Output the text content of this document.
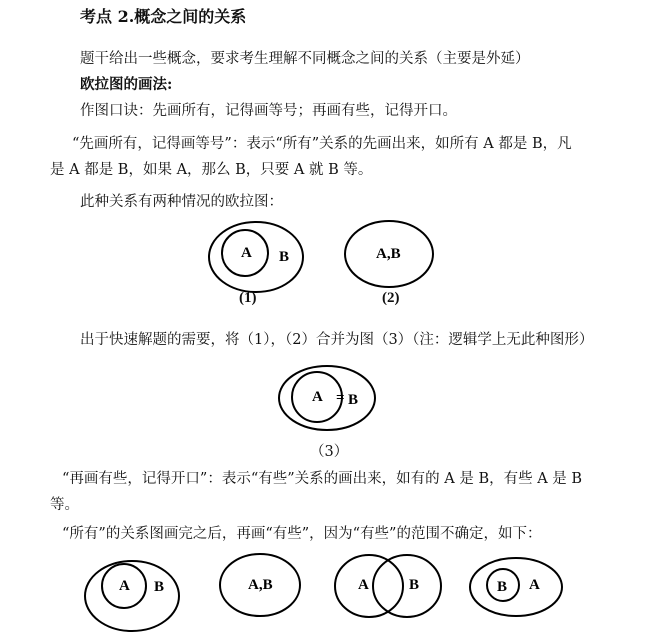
考点 2.概念之间的关系
题干给出一些概念，要求考生理解不同概念之间的关系（主要是外延）
欧拉图的画法:
作图口诀：先画所有，记得画等号；再画有些，记得开口。
“先画所有，记得画等号”：表示“所有”关系的先画出来，如所有 A 都是 B，凡
是 A 都是 B，如果 A，那么 B，只要 A 就 B 等。
此种关系有两种情况的欧拉图：
A B
(1)
A,B
(2)
出于快速解题的需要，将（1），（2）合并为图（3）（注：逻辑学上无此种图形）
A = B
（3）
“再画有些，记得开口”：表示“有些”关系的画出来，如有的 A 是 B，有些 A 是 B
等。
“所有”的关系图画完之后，再画“有些”，因为“有些”的范围不确定，如下：
A B	A,B	A	B	B A
